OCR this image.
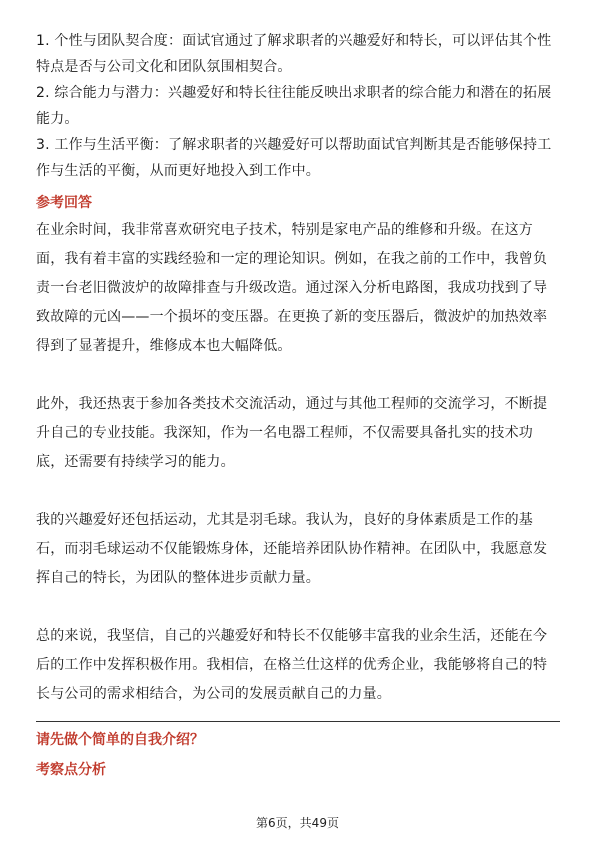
1. 个性与团队契合度：面试官通过了解求职者的兴趣爱好和特长，可以评估其个性特点是否与公司文化和团队氛围相契合。

2. 综合能力与潜力：兴趣爱好和特长往往能反映出求职者的综合能力和潜在的拓展能力。

3. 工作与生活平衡：了解求职者的兴趣爱好可以帮助面试官判断其是否能够保持工作与生活的平衡，从而更好地投入到工作中。

参考回答

在业余时间，我非常喜欢研究电子技术，特别是家电产品的维修和升级。在这方面，我有着丰富的实践经验和一定的理论知识。例如，在我之前的工作中，我曾负责一台老旧微波炉的故障排查与升级改造。通过深入分析电路图，我成功找到了导致故障的元凶——一个损坏的变压器。在更换了新的变压器后，微波炉的加热效率得到了显著提升，维修成本也大幅降低。

此外，我还热衷于参加各类技术交流活动，通过与其他工程师的交流学习，不断提升自己的专业技能。我深知，作为一名电器工程师，不仅需要具备扎实的技术功底，还需要有持续学习的能力。

我的兴趣爱好还包括运动，尤其是羽毛球。我认为，良好的身体素质是工作的基石，而羽毛球运动不仅能锻炼身体，还能培养团队协作精神。在团队中，我愿意发挥自己的特长，为团队的整体进步贡献力量。

总的来说，我坚信，自己的兴趣爱好和特长不仅能够丰富我的业余生活，还能在今后的工作中发挥积极作用。我相信，在格兰仕这样的优秀企业，我能够将自己的特长与公司的需求相结合，为公司的发展贡献自己的力量。

请先做个简单的自我介绍？

考察点分析

第6页，共49页
